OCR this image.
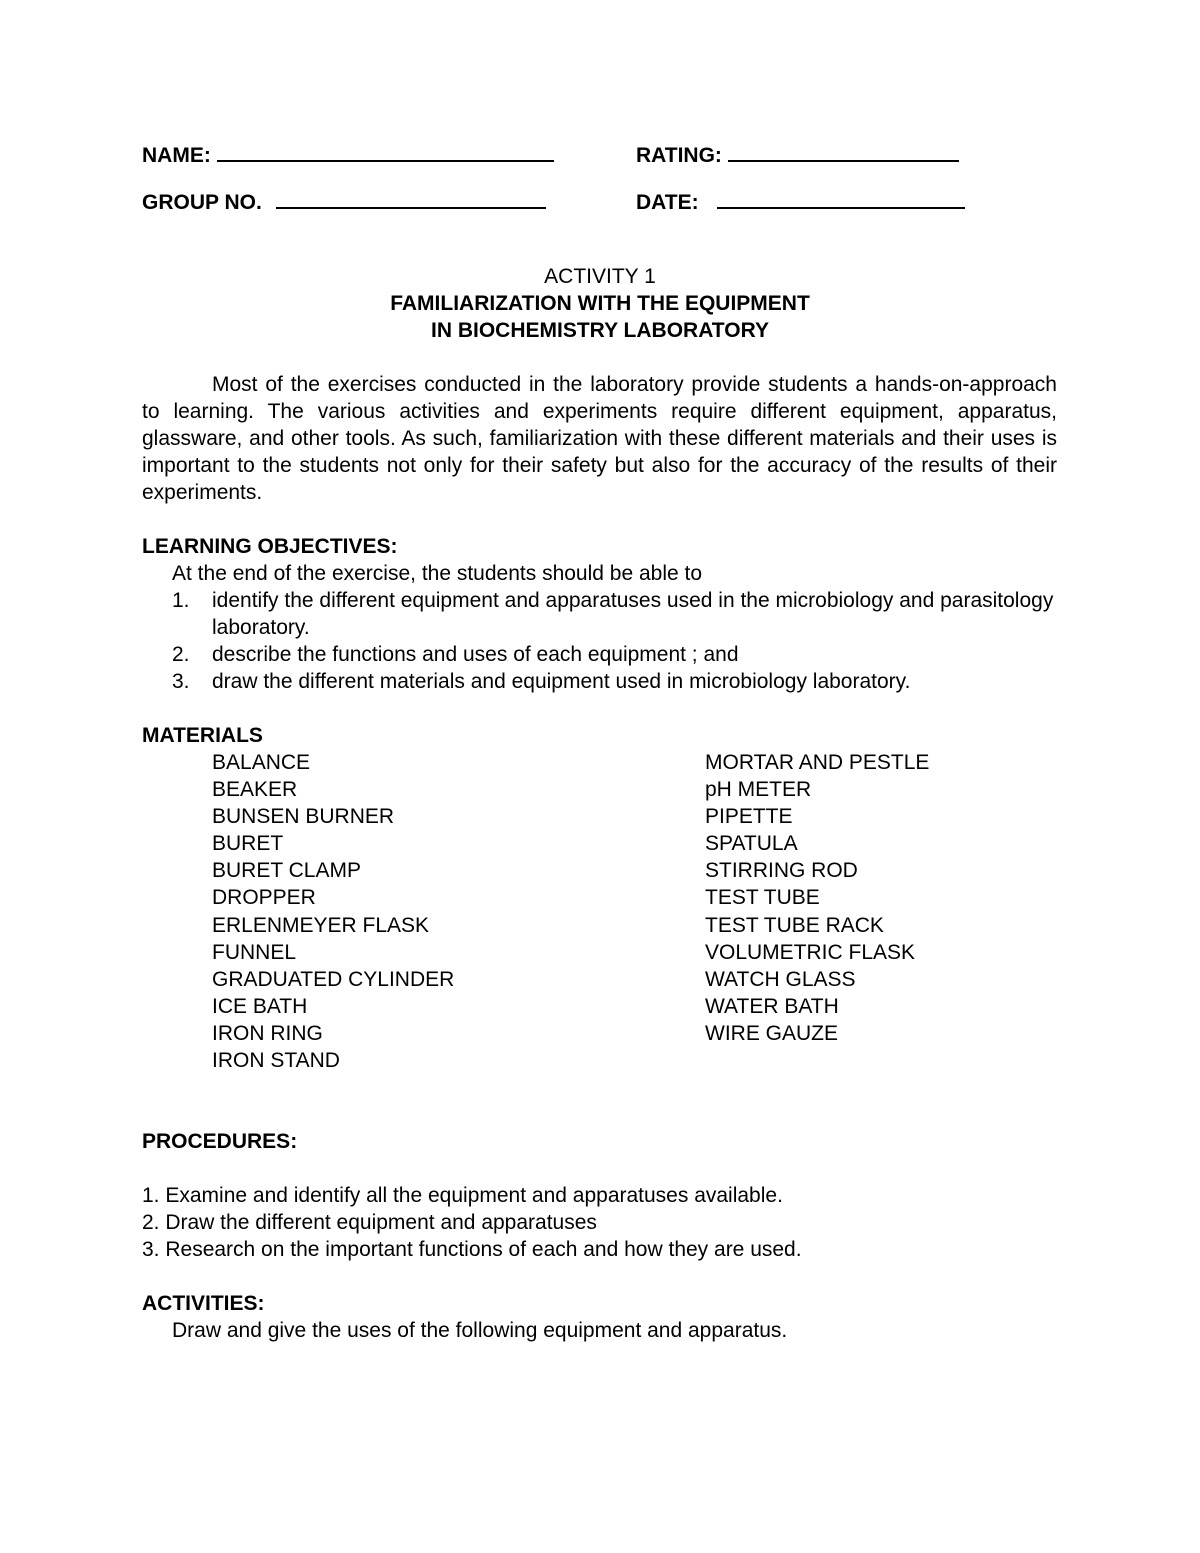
NAME:	RATING:
GROUP NO.	DATE:
ACTIVITY 1
FAMILIARIZATION WITH THE EQUIPMENT
IN BIOCHEMISTRY LABORATORY

Most of the exercises conducted in the laboratory provide students a hands-on-approach to learning. The various activities and experiments require different equipment, apparatus, glassware, and other tools. As such, familiarization with these different materials and their uses is important to the students not only for their safety but also for the accuracy of the results of their experiments.

LEARNING OBJECTIVES:
At the end of the exercise, the students should be able to
1.	identify the different equipment and apparatuses used in the microbiology and parasitology laboratory.
2.	describe the functions and uses of each equipment ; and
3.	draw the different materials and equipment used in microbiology laboratory.
MATERIALS
BALANCE
BEAKER
BUNSEN BURNER
BURET
BURET CLAMP
DROPPER
ERLENMEYER FLASK
FUNNEL
GRADUATED CYLINDER
ICE BATH
IRON RING
IRON STAND
MORTAR AND PESTLE
pH METER
PIPETTE
SPATULA
STIRRING ROD
TEST TUBE
TEST TUBE RACK
VOLUMETRIC FLASK
WATCH GLASS
WATER BATH
WIRE GAUZE
PROCEDURES:
1. Examine and identify all the equipment and apparatuses available.
2. Draw the different equipment and apparatuses
3. Research on the important functions of each and how they are used.
ACTIVITIES:
Draw and give the uses of the following equipment and apparatus.
